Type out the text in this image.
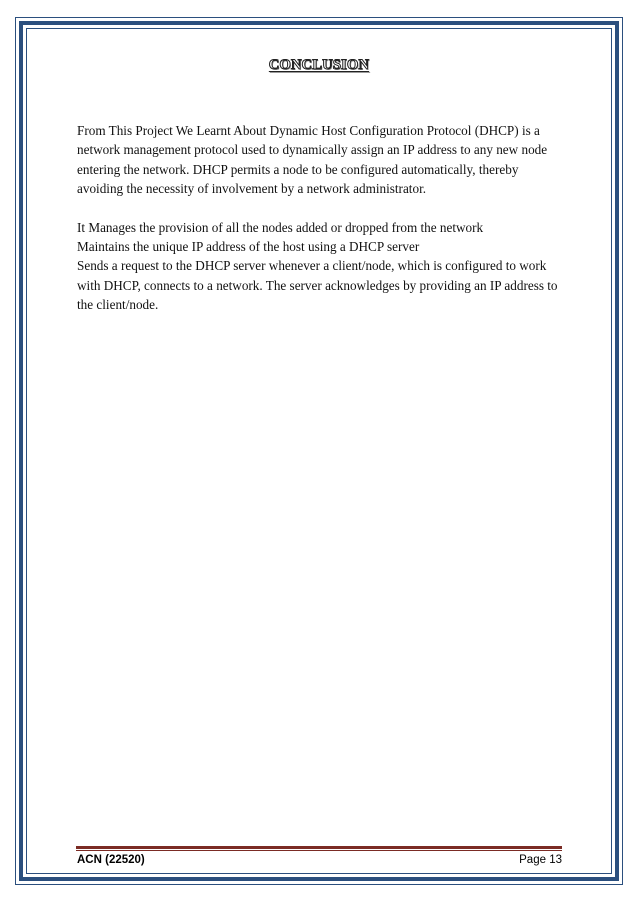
CONCLUSION

From This Project We Learnt About Dynamic Host Configuration Protocol (DHCP) is a network management protocol used to dynamically assign an IP address to any new node entering the network. DHCP permits a node to be configured automatically, thereby avoiding the necessity of involvement by a network administrator.

It Manages the provision of all the nodes added or dropped from the network

Maintains the unique IP address of the host using a DHCP server

Sends a request to the DHCP server whenever a client/node, which is configured to work with DHCP, connects to a network. The server acknowledges by providing an IP address to the client/node.

ACN (22520)	Page 13
